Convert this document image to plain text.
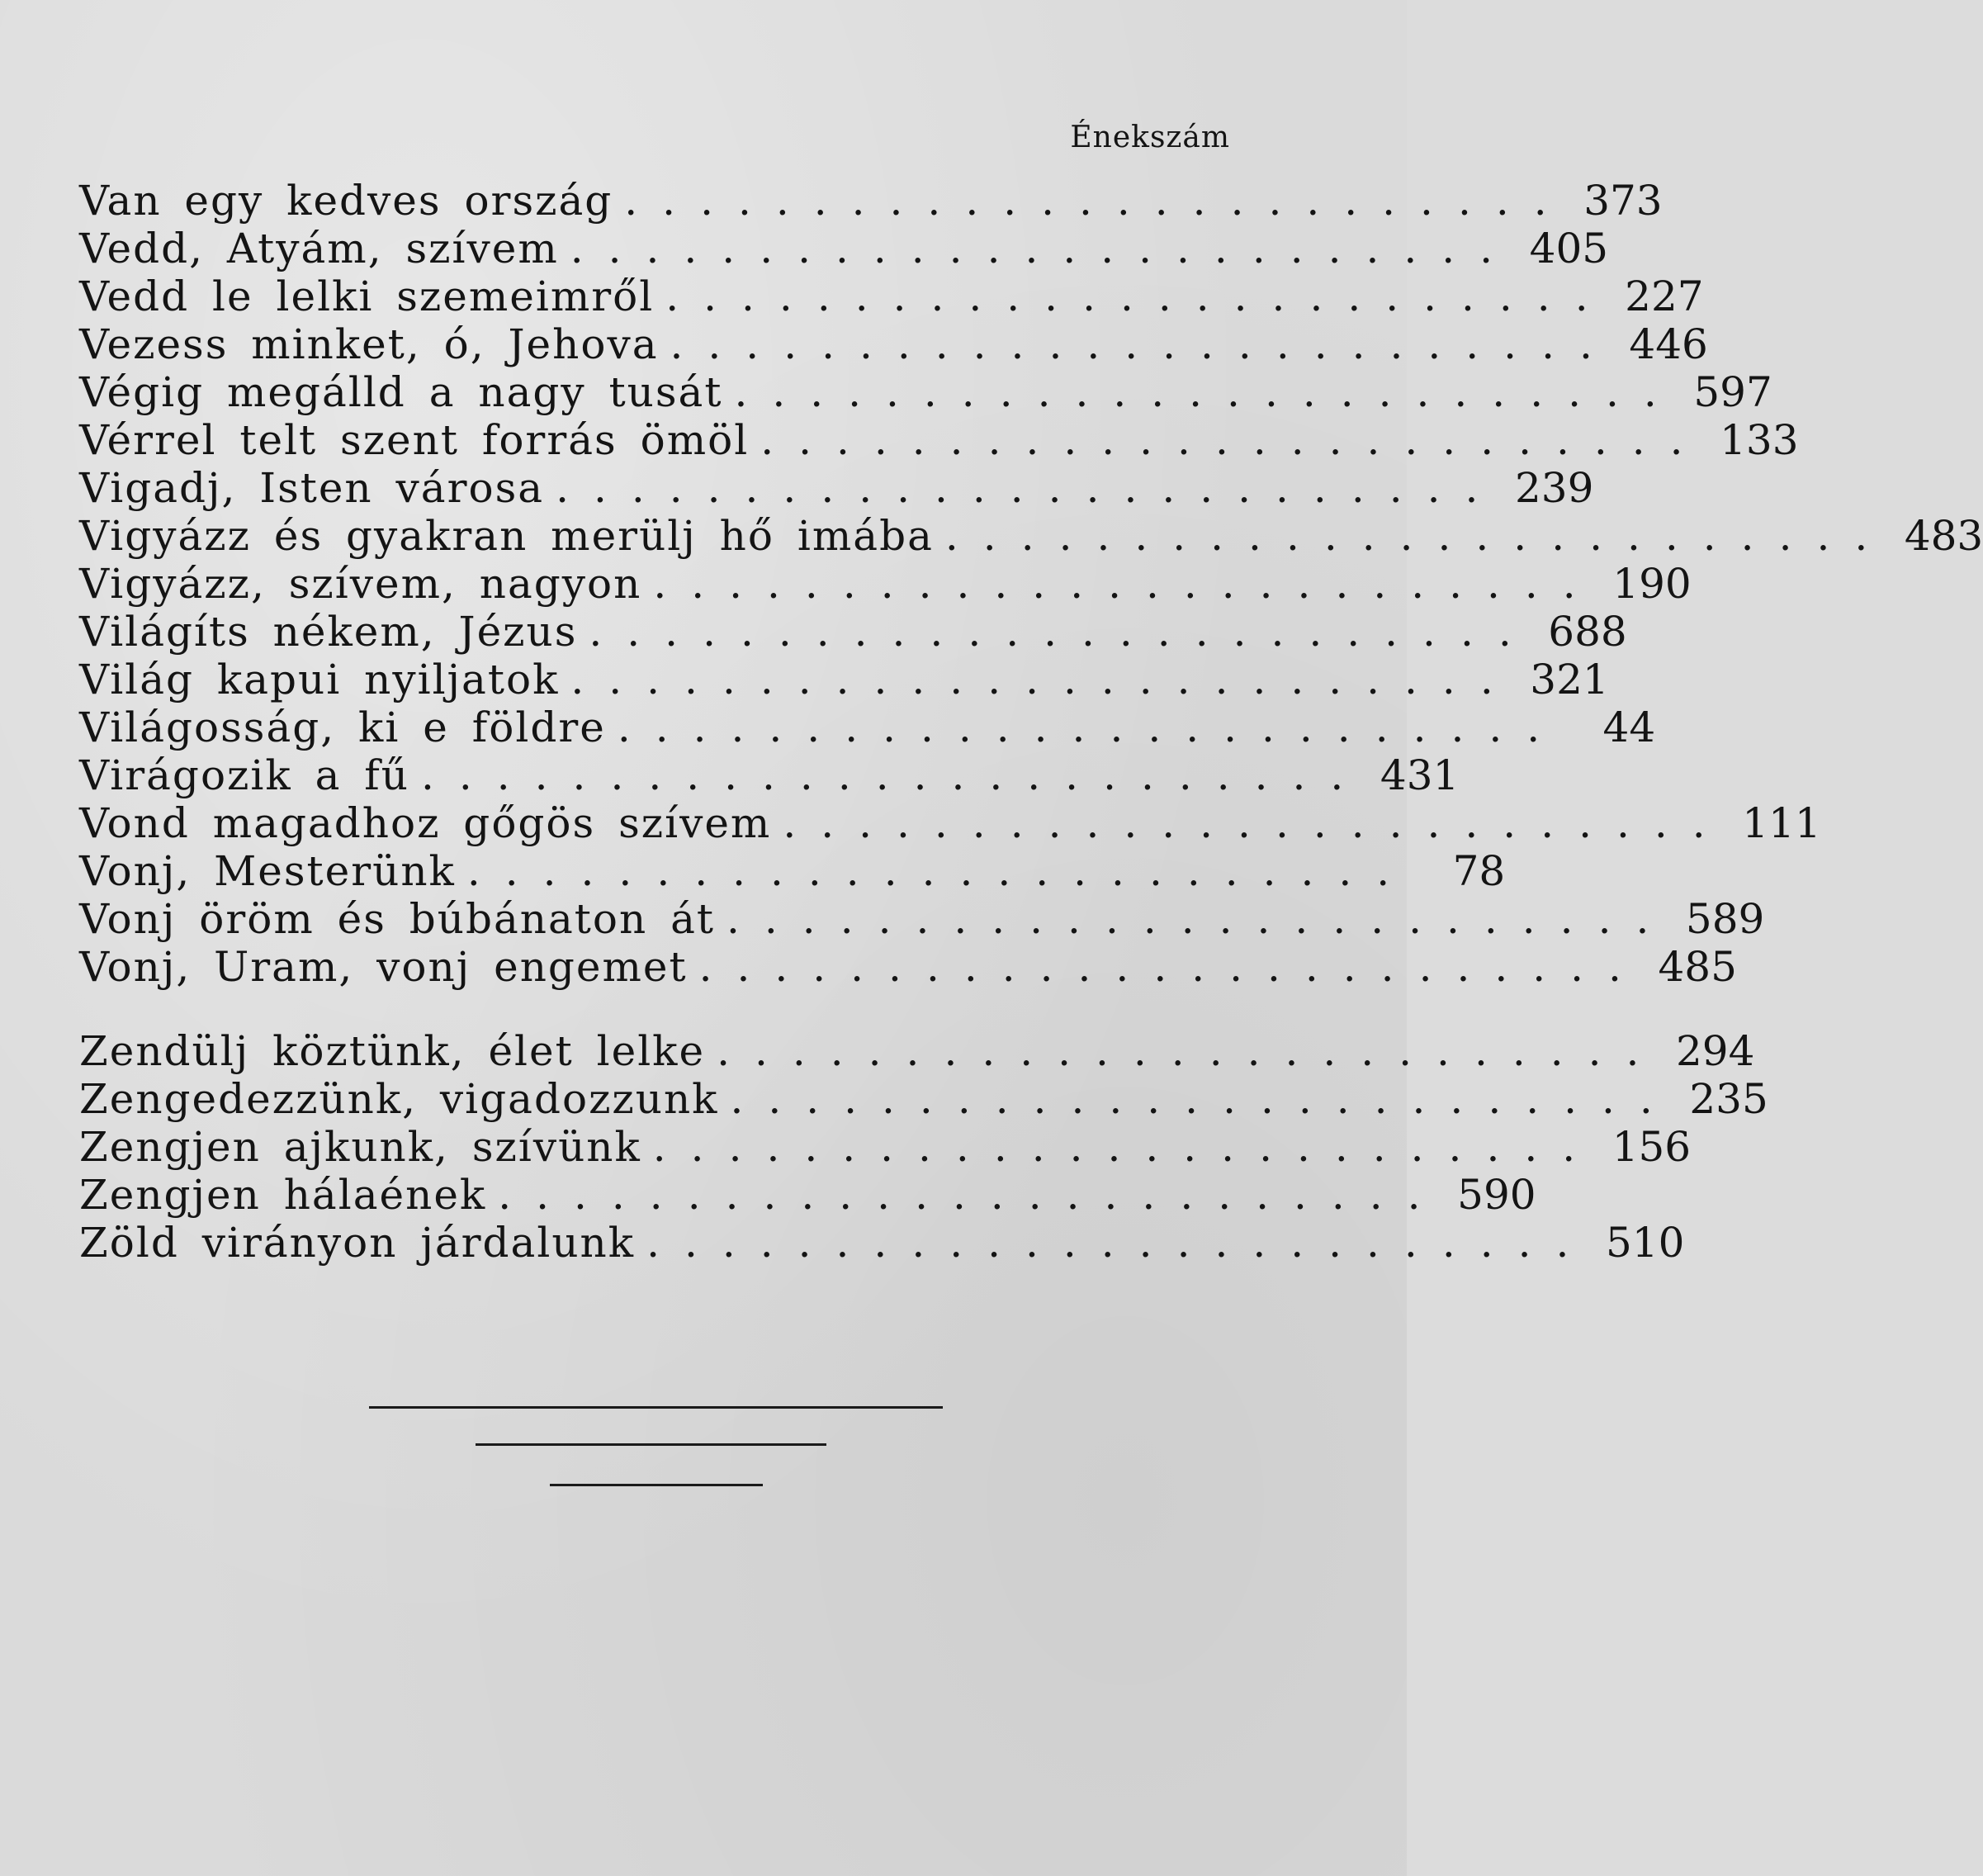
Énekszám
Van egy kedves ország ......................... 373
Vedd, Atyám, szívem ......................... 405
Vedd le lelki szemeimről ......................... 227
Vezess minket, ó, Jehova ......................... 446
Végig megálld a nagy tusát ......................... 597
Vérrel telt szent forrás ömöl ......................... 133
Vigadj, Isten városa ......................... 239
Vigyázz és gyakran merülj hő imába ......................... 483
Vigyázz, szívem, nagyon ......................... 190
Világíts nékem, Jézus ......................... 688
Világ kapui nyiljatok ......................... 321
Világosság, ki e földre ......................... 44
Virágozik a fű ......................... 431
Vond magadhoz gőgös szívem ......................... 111
Vonj, Mesterünk ......................... 78
Vonj öröm és búbánaton át ......................... 589
Vonj, Uram, vonj engemet ......................... 485
Zendülj köztünk, élet lelke ......................... 294
Zengedezzünk, vigadozzunk ......................... 235
Zengjen ajkunk, szívünk ......................... 156
Zengjen hálaének ......................... 590
Zöld virányon járdalunk ......................... 510
